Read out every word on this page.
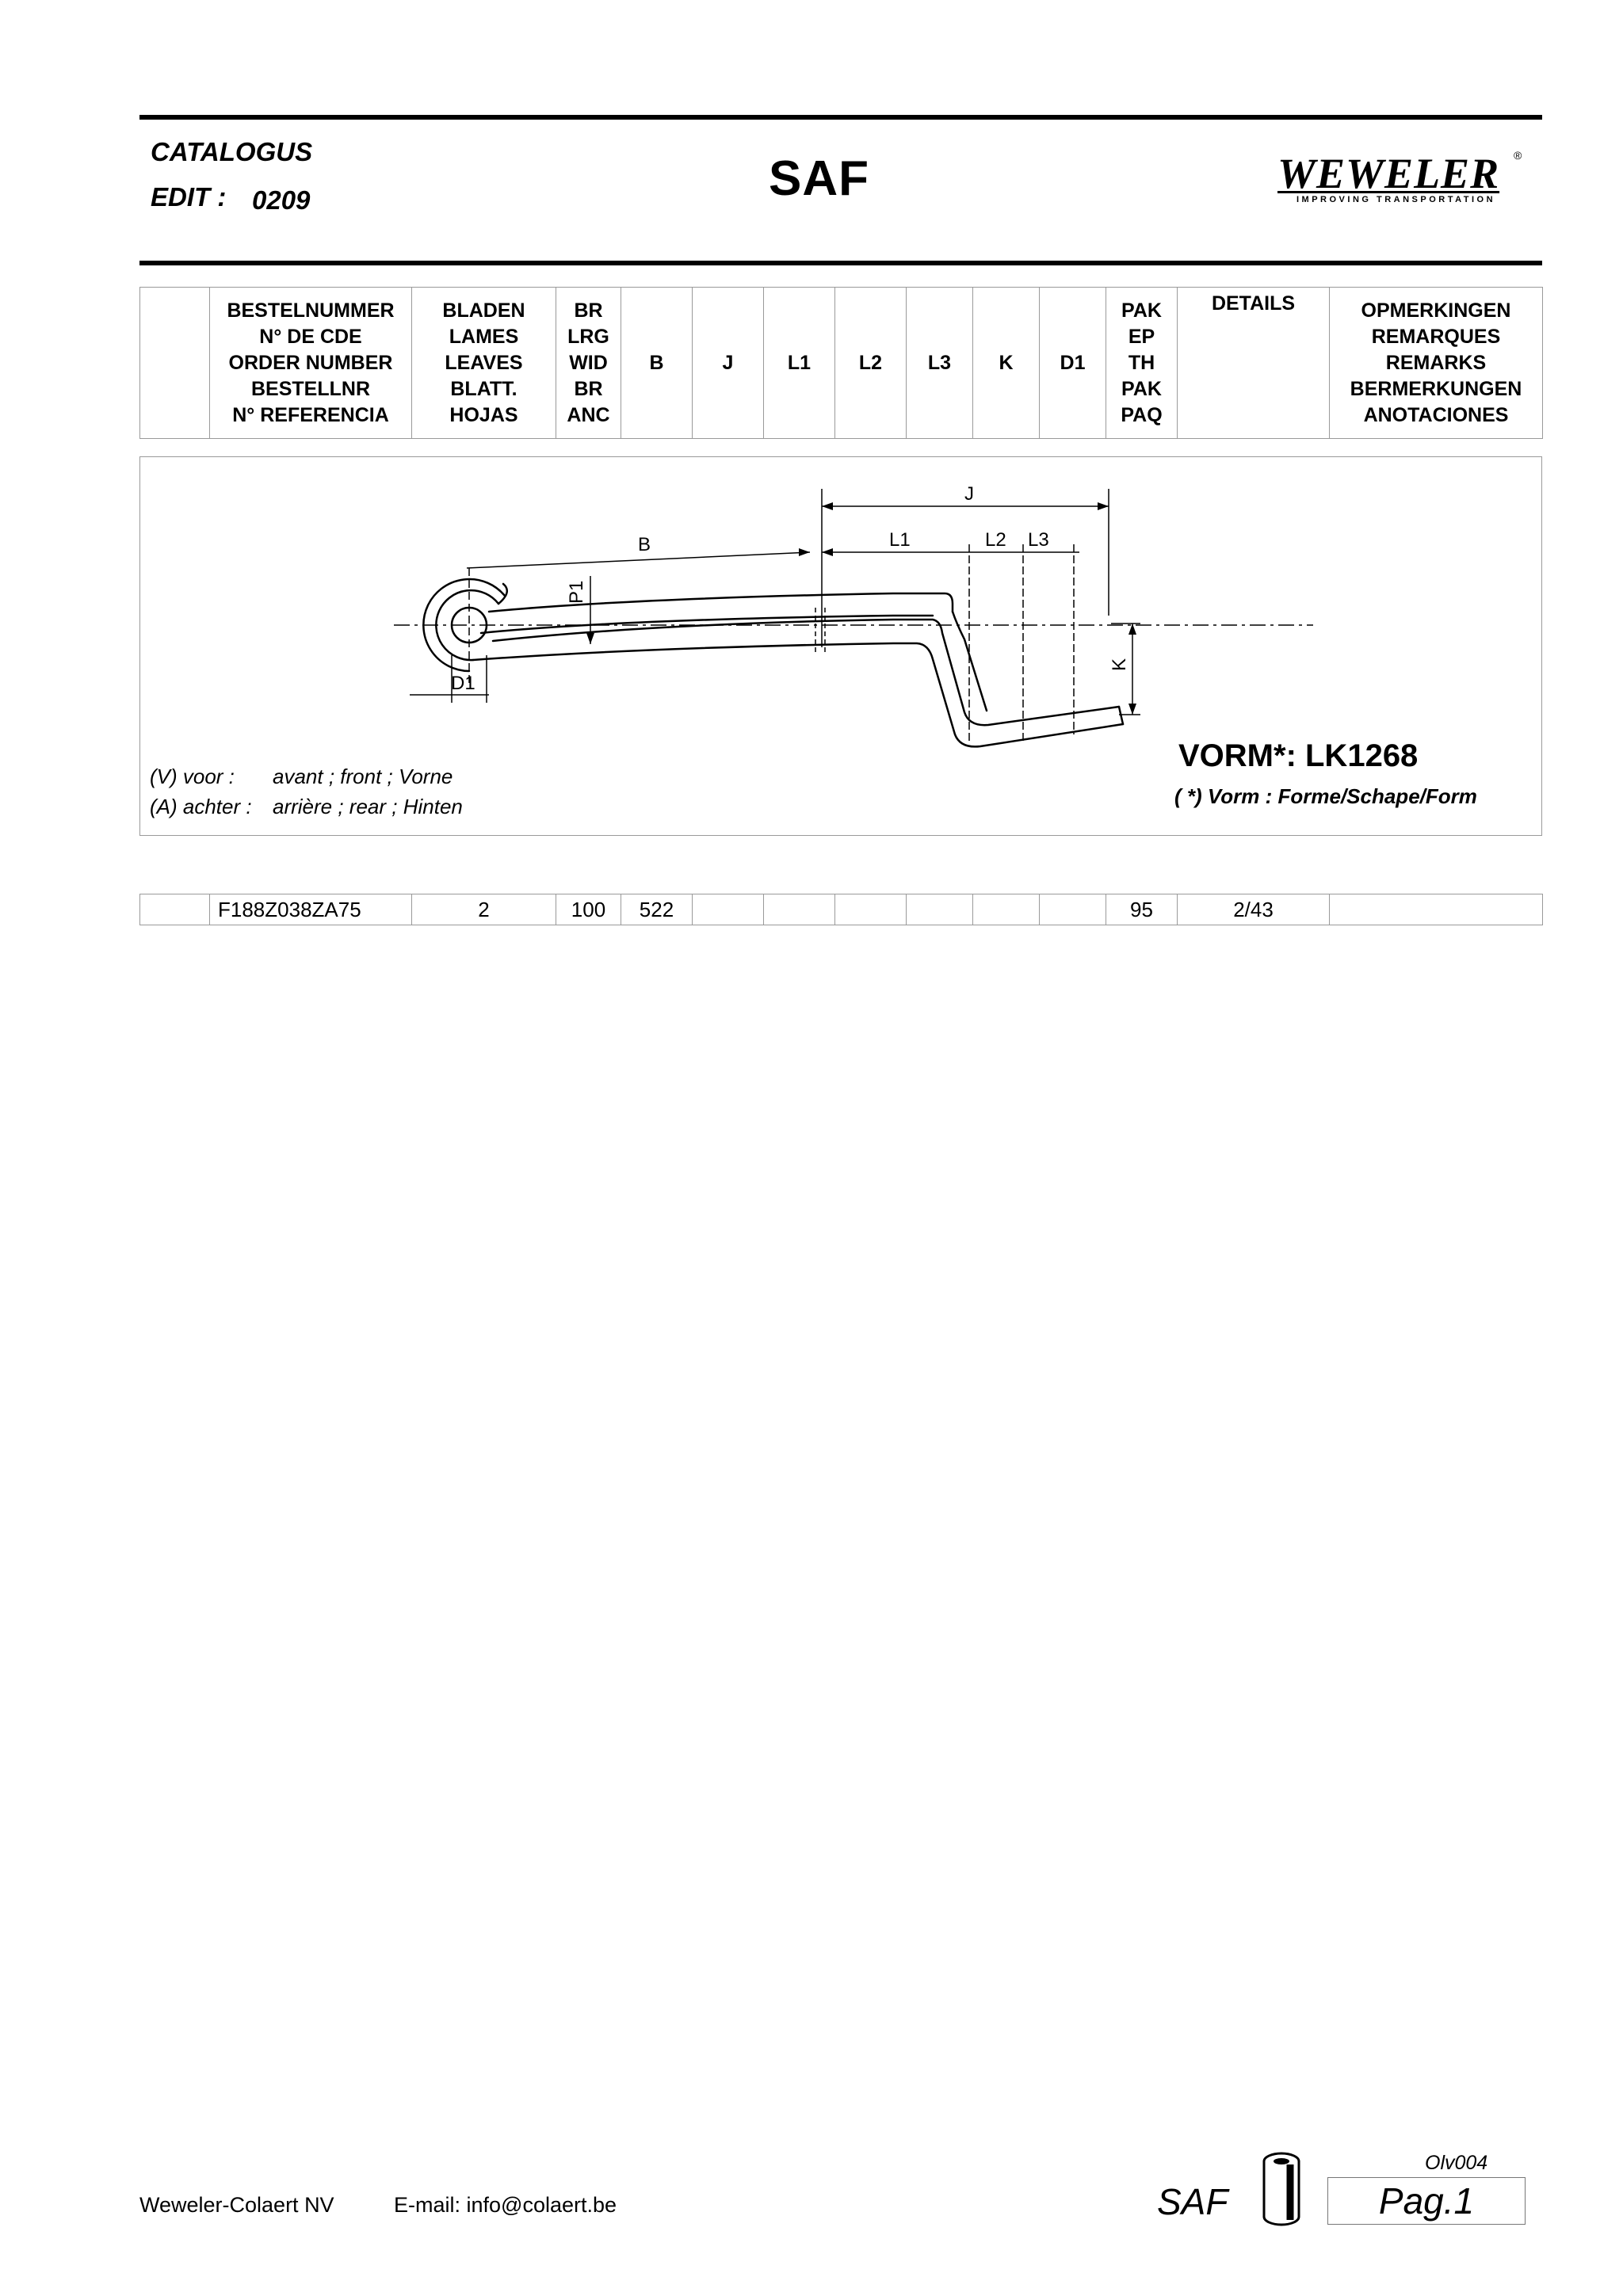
CATALOGUS
EDIT : 0209	SAF	WEWELER ®
IMPROVING TRANSPORTATION
	BESTELNUMMER
N° DE CDE
ORDER NUMBER
BESTELLNR
N° REFERENCIA	BLADEN
LAMES
LEAVES
BLATT.
HOJAS	BR
LRG
WID
BR
ANC	B	J	L1	L2	L3	K	D1	PAK
EP
TH
PAK
PAQ	DETAILS	OPMERKINGEN
REMARQUES
REMARKS
BERMERKUNGEN
ANOTACIONES
J
B	L1	L2 L3
P1
K
D1
(V) voor : avant ; front ; Vorne
(A) achter : arrière ; rear ; Hinten
VORM*: LK1268
( *) Vorm : Forme/Schape/Form
	F188Z038ZA75	2	100	522							95	2/43	
Weweler-Colaert NV	E-mail: info@colaert.be	SAF
Olv004
Pag.1
